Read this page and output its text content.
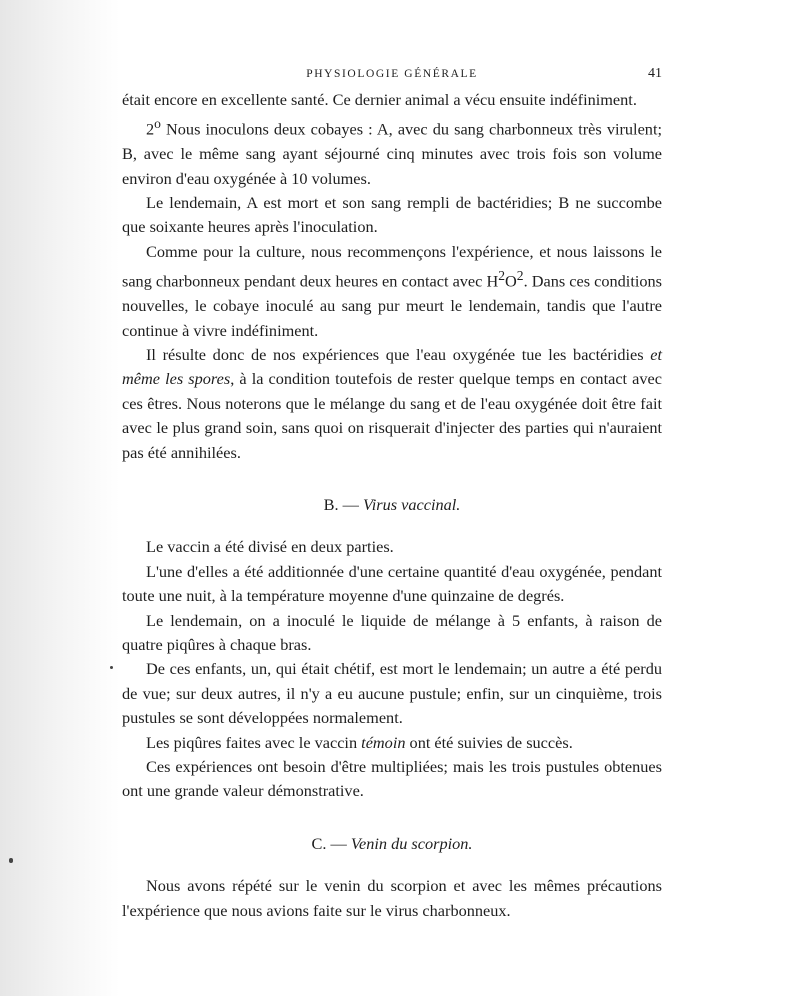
PHYSIOLOGIE GÉNÉRALE	41

était encore en excellente santé. Ce dernier animal a vécu ensuite indéfiniment.

2$^o$ Nous inoculons deux cobayes : A, avec du sang charbonneux très virulent; B, avec le même sang ayant séjourné cinq minutes avec trois fois son volume environ d'eau oxygénée à 10 volumes.

Le lendemain, A est mort et son sang rempli de bactéridies; B ne succombe que soixante heures après l'inoculation.

Comme pour la culture, nous recommençons l'expérience, et nous laissons le sang charbonneux pendant deux heures en contact avec $H^2O^2$. Dans ces conditions nouvelles, le cobaye inoculé au sang pur meurt le lendemain, tandis que l'autre continue à vivre indéfiniment.

Il résulte donc de nos expériences que l'eau oxygénée tue les bactéridies et même les spores, à la condition toutefois de rester quelque temps en contact avec ces êtres. Nous noterons que le mélange du sang et de l'eau oxygénée doit être fait avec le plus grand soin, sans quoi on risquerait d'injecter des parties qui n'auraient pas été annihilées.

B. — Virus vaccinal.

Le vaccin a été divisé en deux parties.

L'une d'elles a été additionnée d'une certaine quantité d'eau oxygénée, pendant toute une nuit, à la température moyenne d'une quinzaine de degrés.

Le lendemain, on a inoculé le liquide de mélange à 5 enfants, à raison de quatre piqûres à chaque bras.

De ces enfants, un, qui était chétif, est mort le lendemain; un autre a été perdu de vue; sur deux autres, il n'y a eu aucune pustule; enfin, sur un cinquième, trois pustules se sont développées normalement.

Les piqûres faites avec le vaccin témoin ont été suivies de succès.

Ces expériences ont besoin d'être multipliées; mais les trois pustules obtenues ont une grande valeur démonstrative.

C. — Venin du scorpion.

Nous avons répété sur le venin du scorpion et avec les mêmes précautions l'expérience que nous avions faite sur le virus charbonneux.
